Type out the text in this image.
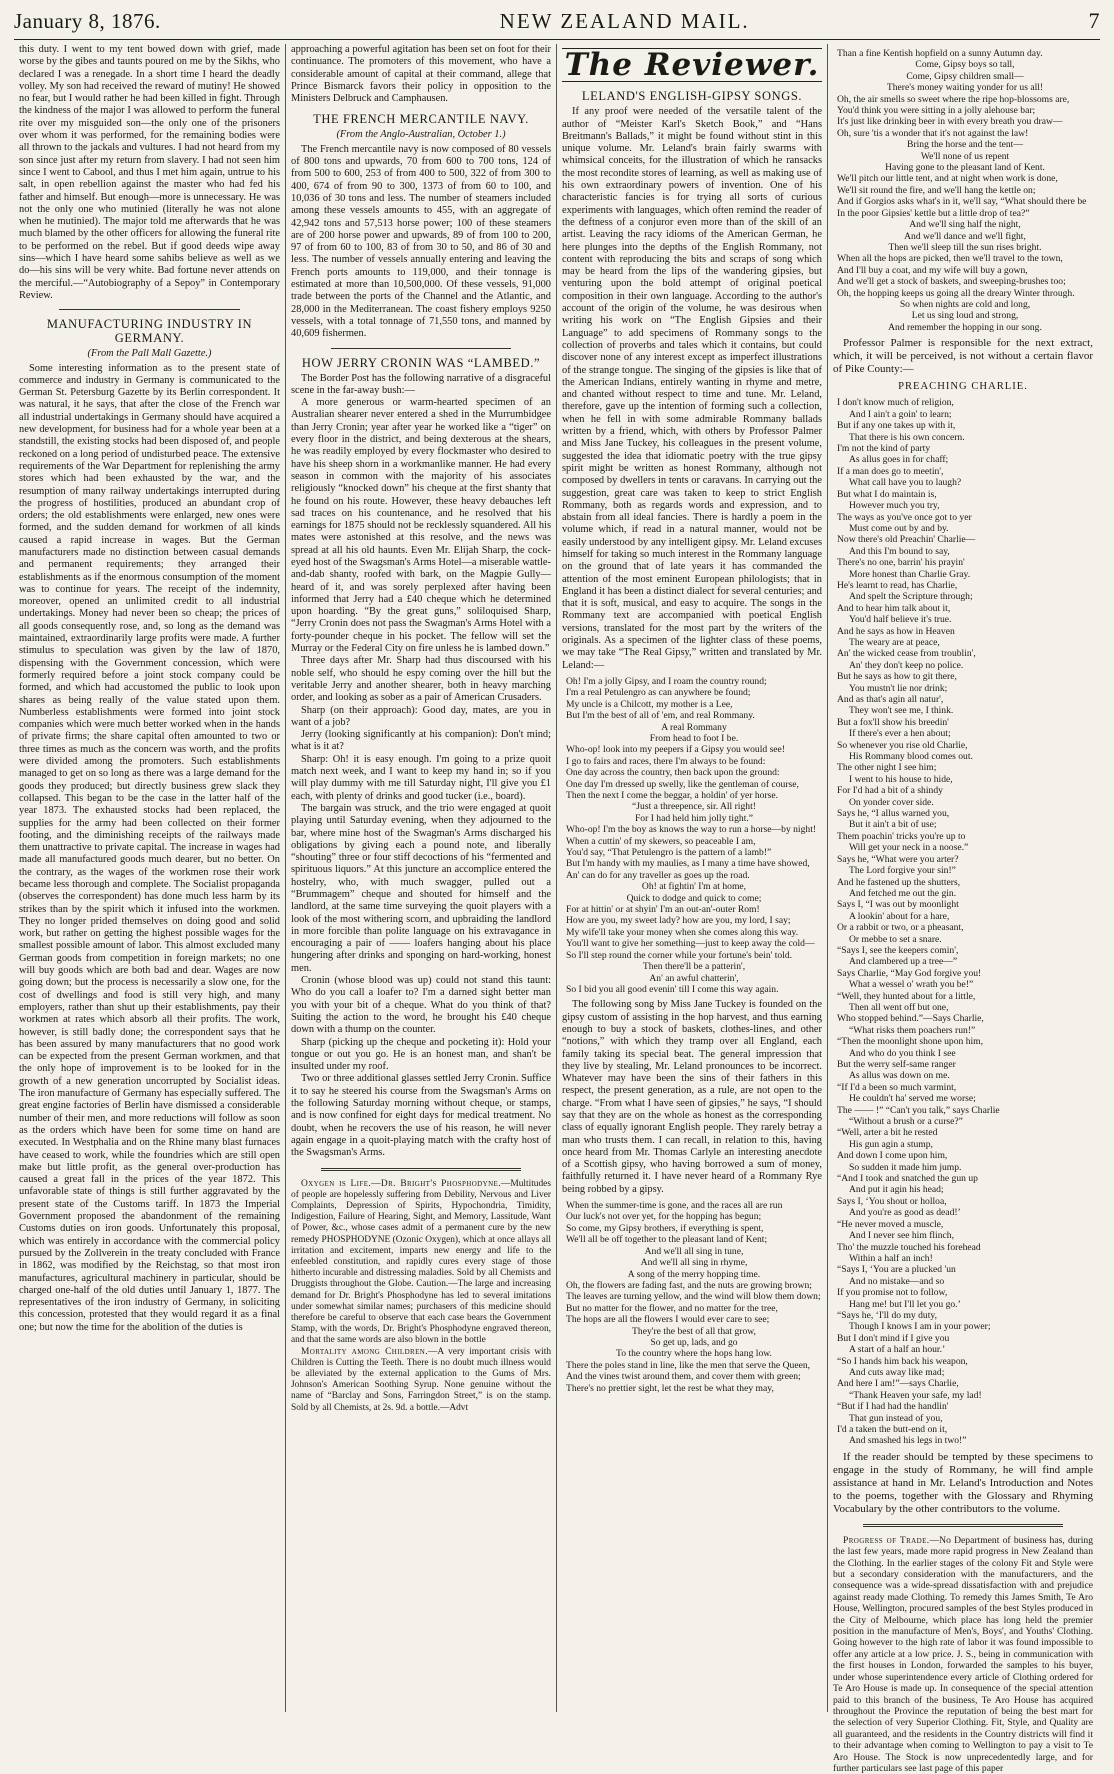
January 8, 1876.	NEW ZEALAND MAIL.	7

this duty. I went to my tent bowed down with grief, made worse by the gibes and taunts poured on me by the Sikhs, who declared I was a renegade. In a short time I heard the deadly volley. My son had received the reward of mutiny! He showed no fear, but I would rather he had been killed in fight. Through the kindness of the major I was allowed to perform the funeral rite over my misguided son—the only one of the prisoners over whom it was performed, for the remaining bodies were all thrown to the jackals and vultures. I had not heard from my son since just after my return from slavery. I had not seen him since I went to Cabool, and thus I met him again, untrue to his salt, in open rebellion against the master who had fed his father and himself. But enough—more is unnecessary. He was not the only one who mutinied (literally he was not alone when he mutinied). The major told me afterwards that he was much blamed by the other officers for allowing the funeral rite to be performed on the rebel. But if good deeds wipe away sins—which I have heard some sahibs believe as well as we do—his sins will be very white. Bad fortune never attends on the merciful.—“Autobiography of a Sepoy” in Contemporary Review.

MANUFACTURING INDUSTRY IN GERMANY.
(From the Pall Mall Gazette.)

Some interesting information as to the present state of commerce and industry in Germany is communicated to the German St. Petersburg Gazette by its Berlin correspondent. It was natural, it he says, that after the close of the French war all industrial undertakings in Germany should have acquired a new development, for business had for a whole year been at a standstill, the existing stocks had been disposed of, and people reckoned on a long period of undisturbed peace. The extensive requirements of the War Department for replenishing the army stores which had been exhausted by the war, and the resumption of many railway undertakings interrupted during the progress of hostilities, produced an abundant crop of orders; the old establishments were enlarged, new ones were formed, and the sudden demand for workmen of all kinds caused a rapid increase in wages. But the German manufacturers made no distinction between casual demands and permanent requirements; they arranged their establishments as if the enormous consumption of the moment was to continue for years. The receipt of the indemnity, moreover, opened an unlimited credit to all industrial undertakings. Money had never been so cheap; the prices of all goods consequently rose, and, so long as the demand was maintained, extraordinarily large profits were made. A further stimulus to speculation was given by the law of 1870, dispensing with the Government concession, which were formerly required before a joint stock company could be formed, and which had accustomed the public to look upon shares as being really of the value stated upon them. Numberless establishments were formed into joint stock companies which were much better worked when in the hands of private firms; the share capital often amounted to two or three times as much as the concern was worth, and the profits were divided among the promoters. Such establishments managed to get on so long as there was a large demand for the goods they produced; but directly business grew slack they collapsed. This began to be the case in the latter half of the year 1873. The exhausted stocks had been replaced, the supplies for the army had been collected on their former footing, and the diminishing receipts of the railways made them unattractive to private capital. The increase in wages had made all manufactured goods much dearer, but no better. On the contrary, as the wages of the workmen rose their work became less thorough and complete. The Socialist propaganda (observes the correspondent) has done much less harm by its strikes than by the spirit which it infused into the workmen. They no longer prided themselves on doing good and solid work, but rather on getting the highest possible wages for the smallest possible amount of labor. This almost excluded many German goods from competition in foreign markets; no one will buy goods which are both bad and dear. Wages are now going down; but the process is necessarily a slow one, for the cost of dwellings and food is still very high, and many employers, rather than shut up their establishments, pay their workmen at rates which absorb all their profits. The work, however, is still badly done; the correspondent says that he has been assured by many manufacturers that no good work can be expected from the present German workmen, and that the only hope of improvement is to be looked for in the growth of a new generation uncorrupted by Socialist ideas. The iron manufacture of Germany has especially suffered. The great engine factories of Berlin have dismissed a considerable number of their men, and more reductions will follow as soon as the orders which have been for some time on hand are executed. In Westphalia and on the Rhine many blast furnaces have ceased to work, while the foundries which are still open make but little profit, as the general over-production has caused a great fall in the prices of the year 1872. This unfavorable state of things is still further aggravated by the present state of the Customs tariff. In 1873 the Imperial Government proposed the abandonment of the remaining Customs duties on iron goods. Unfortunately this proposal, which was entirely in accordance with the commercial policy pursued by the Zollverein in the treaty concluded with France in 1862, was modified by the Reichstag, so that most iron manufactures, agricultural machinery in particular, should be charged one-half of the old duties until January 1, 1877. The representatives of the iron industry of Germany, in soliciting this concession, protested that they would regard it as a final one; but now the time for the abolition of the duties is

approaching a powerful agitation has been set on foot for their continuance. The promoters of this movement, who have a considerable amount of capital at their command, allege that Prince Bismarck favors their policy in opposition to the Ministers Delbruck and Camphausen.

THE FRENCH MERCANTILE NAVY.
(From the Anglo-Australian, October 1.)

The French mercantile navy is now composed of 80 vessels of 800 tons and upwards, 70 from 600 to 700 tons, 124 of from 500 to 600, 253 of from 400 to 500, 322 of from 300 to 400, 674 of from 90 to 300, 1373 of from 60 to 100, and 10,036 of 30 tons and less. The number of steamers included among these vessels amounts to 455, with an aggregate of 42,942 tons and 57,513 horse power; 100 of these steamers are of 200 horse power and upwards, 89 of from 100 to 200, 97 of from 60 to 100, 83 of from 30 to 50, and 86 of 30 and less. The number of vessels annually entering and leaving the French ports amounts to 119,000, and their tonnage is estimated at more than 10,500,000. Of these vessels, 91,000 trade between the ports of the Channel and the Atlantic, and 28,000 in the Mediterranean. The coast fishery employs 9250 vessels, with a total tonnage of 71,550 tons, and manned by 40,609 fishermen.

HOW JERRY CRONIN WAS “LAMBED.”

The Border Post has the following narrative of a disgraceful scene in the far-away bush:—

A more generous or warm-hearted specimen of an Australian shearer never entered a shed in the Murrumbidgee than Jerry Cronin; year after year he worked like a “tiger” on every floor in the district, and being dexterous at the shears, he was readily employed by every flockmaster who desired to have his sheep shorn in a workmanlike manner. He had every season in common with the majority of his associates religiously “knocked down” his cheque at the first shanty that he found on his route. However, these heavy debauches left sad traces on his countenance, and he resolved that his earnings for 1875 should not be recklessly squandered. All his mates were astonished at this resolve, and the news was spread at all his old haunts. Even Mr. Elijah Sharp, the cock-eyed host of the Swagsman's Arms Hotel—a miserable wattle-and-dab shanty, roofed with bark, on the Magpie Gully—heard of it, and was sorely perplexed after having been informed that Jerry had a £40 cheque which he determined upon hoarding. “By the great guns,” soliloquised Sharp, “Jerry Cronin does not pass the Swagman's Arms Hotel with a forty-pounder cheque in his pocket. The fellow will set the Murray or the Federal City on fire unless he is lambed down.”

Three days after Mr. Sharp had thus discoursed with his noble self, who should he espy coming over the hill but the veritable Jerry and another shearer, both in heavy marching order, and looking as sober as a pair of American Crusaders.

Sharp (on their approach): Good day, mates, are you in want of a job?

Jerry (looking significantly at his companion): Don't mind; what is it at?

Sharp: Oh! it is easy enough. I'm going to a prize quoit match next week, and I want to keep my hand in; so if you will play dummy with me till Saturday night, I'll give you £1 each, with plenty of drinks and good tucker (i.e., board).

The bargain was struck, and the trio were engaged at quoit playing until Saturday evening, when they adjourned to the bar, where mine host of the Swagman's Arms discharged his obligations by giving each a pound note, and liberally “shouting” three or four stiff decoctions of his “fermented and spirituous liquors.” At this juncture an accomplice entered the hostelry, who, with much swagger, pulled out a “Brummagem” cheque and shouted for himself and the landlord, at the same time surveying the quoit players with a look of the most withering scorn, and upbraiding the landlord in more forcible than polite language on his extravagance in encouraging a pair of —— loafers hanging about his place hungering after drinks and sponging on hard-working, honest men.

Cronin (whose blood was up) could not stand this taunt: Who do you call a loafer to? I'm a darned sight better man you with your bit of a cheque. What do you think of that? Suiting the action to the word, he brought his £40 cheque down with a thump on the counter.

Sharp (picking up the cheque and pocketing it): Hold your tongue or out you go. He is an honest man, and shan't be insulted under my roof.

Two or three additional glasses settled Jerry Cronin. Suffice it to say he steered his course from the Swagsman's Arms on the following Saturday morning without cheque, or stamps, and is now confined for eight days for medical treatment. No doubt, when he recovers the use of his reason, he will never again engage in a quoit-playing match with the crafty host of the Swagsman's Arms.

Oxygen is Life.—Dr. Bright's Phosphodyne.—Multitudes of people are hopelessly suffering from Debility, Nervous and Liver Complaints, Depression of Spirits, Hypochondria, Timidity, Indigestion, Failure of Hearing, Sight, and Memory, Lassitude, Want of Power, &c., whose cases admit of a permanent cure by the new remedy PHOSPHODYNE (Ozonic Oxygen), which at once allays all irritation and excitement, imparts new energy and life to the enfeebled constitution, and rapidly cures every stage of those hitherto incurable and distressing maladies. Sold by all Chemists and Druggists throughout the Globe. Caution.—The large and increasing demand for Dr. Bright's Phosphodyne has led to several imitations under somewhat similar names; purchasers of this medicine should therefore be careful to observe that each case bears the Government Stamp, with the words, Dr. Bright's Phosphodyne engraved thereon, and that the same words are also blown in the bottle

Mortality among Children.—A very important crisis with Children is Cutting the Teeth. There is no doubt much illness would be alleviated by the external application to the Gums of Mrs. Johnson's American Soothing Syrup. None genuine without the name of “Barclay and Sons, Farringdon Street,” is on the stamp. Sold by all Chemists, at 2s. 9d. a bottle.—Advt

The Reviewer.
LELAND'S ENGLISH-GIPSY SONGS.

If any proof were needed of the versatile talent of the author of “Meister Karl's Sketch Book,” and “Hans Breitmann's Ballads,” it might be found without stint in this unique volume. Mr. Leland's brain fairly swarms with whimsical conceits, for the illustration of which he ransacks the most recondite stores of learning, as well as making use of his own extraordinary powers of invention. One of his characteristic fancies is for trying all sorts of curious experiments with languages, which often remind the reader of the deftness of a conjuror even more than of the skill of an artist. Leaving the racy idioms of the American German, he here plunges into the depths of the English Rommany, not content with reproducing the bits and scraps of song which may be heard from the lips of the wandering gipsies, but venturing upon the bold attempt of original poetical composition in their own language. According to the author's account of the origin of the volume, he was desirous when writing his work on “The English Gipsies and their Language” to add specimens of Rommany songs to the collection of proverbs and tales which it contains, but could discover none of any interest except as imperfect illustrations of the strange tongue. The singing of the gipsies is like that of the American Indians, entirely wanting in rhyme and metre, and chanted without respect to time and tune. Mr. Leland, therefore, gave up the intention of forming such a collection, when he fell in with some admirable Rommany ballads written by a friend, which, with others by Professor Palmer and Miss Jane Tuckey, his colleagues in the present volume, suggested the idea that idiomatic poetry with the true gipsy spirit might be written as honest Rommany, although not composed by dwellers in tents or caravans. In carrying out the suggestion, great care was taken to keep to strict English Rommany, both as regards words and expression, and to abstain from all ideal fancies. There is hardly a poem in the volume which, if read in a natural manner, would not be easily understood by any intelligent gipsy. Mr. Leland excuses himself for taking so much interest in the Rommany language on the ground that of late years it has commanded the attention of the most eminent European philologists; that in England it has been a distinct dialect for several centuries; and that it is soft, musical, and easy to acquire. The songs in the Rommany text are accompanied with poetical English versions, translated for the most part by the writers of the originals. As a specimen of the lighter class of these poems, we may take “The Real Gipsy,” written and translated by Mr. Leland:—

Oh! I'm a jolly Gipsy, and I roam the country round;
I'm a real Petulengro as can anywhere be found;
My uncle is a Chilcott, my mother is a Lee,
But I'm the best of all of 'em, and real Rommany.
A real Rommany
From head to foot I be.
Who-op! look into my peepers if a Gipsy you would see!
I go to fairs and races, there I'm always to be found:
One day across the country, then back upon the ground:
One day I'm dressed up swelly, like the gentleman of course,
Then the next I come the beggar, a holdin' of yer horse.
“Just a threepence, sir. All right!
For I had held him jolly tight.”
Who-op! I'm the boy as knows the way to run a horse—by night!
When a cuttin' of my skewers, so peaceable I am,
You'd say, “That Petulengro is the pattern of a lamb!”
But I'm handy with my maulies, as I many a time have showed,
An' can do for any traveller as goes up the road.
Oh! at fightin' I'm at home,
Quick to dodge and quick to come;
For at hittin' or at shyin' I'm an out-an'-outer Rom!
How are you, my sweet lady? how are you, my lord, I say;
My wife'll take your money when she comes along this way.
You'll want to give her something—just to keep away the cold—
So I'll step round the corner while your fortune's bein' told.
Then there'll be a patterin',
An' an awful chatterin',
So I bid you all good evenin' till I come this way again.

The following song by Miss Jane Tuckey is founded on the gipsy custom of assisting in the hop harvest, and thus earning enough to buy a stock of baskets, clothes-lines, and other “notions,” with which they tramp over all England, each family taking its special beat. The general impression that they live by stealing, Mr. Leland pronounces to be incorrect. Whatever may have been the sins of their fathers in this respect, the present generation, as a rule, are not open to the charge. “From what I have seen of gipsies,” he says, “I should say that they are on the whole as honest as the corresponding class of equally ignorant English people. They rarely betray a man who trusts them. I can recall, in relation to this, having once heard from Mr. Thomas Carlyle an interesting anecdote of a Scottish gipsy, who having borrowed a sum of money, faithfully returned it. I have never heard of a Rommany Rye being robbed by a gipsy.

When the summer-time is gone, and the races all are run
Our luck's not over yet, for the hopping has begun;
So come, my Gipsy brothers, if everything is spent,
We'll all be off together to the pleasant land of Kent;
And we'll all sing in tune,
And we'll all sing in rhyme,
A song of the merry hopping time.
Oh, the flowers are fading fast, and the nuts are growing brown;
The leaves are turning yellow, and the wind will blow them down;
But no matter for the flower, and no matter for the tree,
The hops are all the flowers I would ever care to see;
They're the best of all that grow,
So get up, lads, and go
To the country where the hops hang low.
There the poles stand in line, like the men that serve the Queen,
And the vines twist around them, and cover them with green;
There's no prettier sight, let the rest be what they may,
Than a fine Kentish hopfield on a sunny Autumn day.
Come, Gipsy boys so tall,
Come, Gipsy children small—
There's money waiting yonder for us all!
Oh, the air smells so sweet where the ripe hop-blossoms are,
You'd think you were sitting in a jolly alehouse bar;
It's just like drinking beer in with every breath you draw—
Oh, sure 'tis a wonder that it's not against the law!
Bring the horse and the tent—
We'll none of us repent
Having gone to the pleasant land of Kent.
We'll pitch our little tent, and at night when work is done,
We'll sit round the fire, and we'll hang the kettle on;
And if Gorgios asks what's in it, we'll say, “What should there be
In the poor Gipsies' kettle but a little drop of tea?”
And we'll sing half the night,
And we'll dance and we'll fight,
Then we'll sleep till the sun rises bright.
When all the hops are picked, then we'll travel to the town,
And I'll buy a coat, and my wife will buy a gown,
And we'll get a stock of baskets, and sweeping-brushes too;
Oh, the hopping keeps us going all the dreary Winter through.
So when nights are cold and long,
Let us sing loud and strong,
And remember the hopping in our song.

Professor Palmer is responsible for the next extract, which, it will be perceived, is not without a certain flavor of Pike County:—

PREACHING CHARLIE.
I don't know much of religion,
And I ain't a goin' to learn;
But if any one takes up with it,
That there is his own concern.
I'm not the kind of party
As allus goes in for chaff;
If a man does go to meetin',
What call have you to laugh?
But what I do maintain is,
However much you try,
The ways as you've once got to yer
Must come out by and by.
Now there's old Preachin' Charlie—
And this I'm bound to say,
There's no one, barrin' his prayin'
More honest than Charlie Gray.
He's learnt to read, has Charlie,
And spelt the Scripture through;
And to hear him talk about it,
You'd half believe it's true.
And he says as how in Heaven
The weary are at peace,
An' the wicked cease from troublin',
An' they don't keep no police.
But he says as how to git there,
You mustn't lie nor drink;
And as that's agin all natur',
They won't see me, I think.
But a fox'll show his breedin'
If there's ever a hen about;
So whenever you rise old Charlie,
His Rommany blood comes out.
The other night I see him;
I went to his house to hide,
For I'd had a bit of a shindy
On yonder cover side.
Says he, “I allus warned you,
But it ain't a bit of use;
Them poachin' tricks you're up to
Will get your neck in a noose.”
Says he, “What were you arter?
The Lord forgive your sin!”
And he fastened up the shutters,
And fetched me out the gin.
Says I, “I was out by moonlight
A lookin' about for a hare,
Or a rabbit or two, or a pheasant,
Or mebbe to set a snare.
“Says I, see the keepers comin',
And clambered up a tree—”
Says Charlie, “May God forgive you!
What a wessel o' wrath you be!”
“Well, they hunted about for a little,
Then all went off but one,
Who stopped behind.”—Says Charlie,
“What risks them poachers run!”
“Then the moonlight shone upon him,
And who do you think I see
But the werry self-same ranger
As allus was down on me.
“If I'd a been so much varmint,
He couldn't ha' served me worse;
The —— !” “Can't you talk,” says Charlie
“Without a brush or a curse?”
“Well, arter a bit he rested
His gun agin a stump,
And down I come upon him,
So sudden it made him jump.
“And I took and snatched the gun up
And put it agin his head;
Says I, ‘You shout or holloa,
And you're as good as dead!’
“He never moved a muscle,
And I never see him flinch,
Tho' the muzzle touched his forehead
Within a half an inch!
“Says I, ‘You are a plucked 'un
And no mistake—and so
If you promise not to follow,
Hang me! but I'll let you go.’
“Says he, ‘I'll do my duty,
Though I knows I am in your power;
But I don't mind if I give you
A start of a half an hour.’
“So I hands him back his weapon,
And cuts away like mad;
And here I am!”—says Charlie,
“Thank Heaven your safe, my lad!
“But if I had had the handlin'
That gun instead of you,
I'd a taken the butt-end on it,
And smashed his legs in two!”

If the reader should be tempted by these specimens to engage in the study of Rommany, he will find ample assistance at hand in Mr. Leland's Introduction and Notes to the poems, together with the Glossary and Rhyming Vocabulary by the other contributors to the volume.

Progress of Trade.—No Department of business has, during the last few years, made more rapid progress in New Zealand than the Clothing. In the earlier stages of the colony Fit and Style were but a secondary consideration with the manufacturers, and the consequence was a wide-spread dissatisfaction with and prejudice against ready made Clothing. To remedy this James Smith, Te Aro House, Wellington, procured samples of the best Styles produced in the City of Melbourne, which place has long held the premier position in the manufacture of Men's, Boys', and Youths' Clothing. Going however to the high rate of labor it was found impossible to offer any article at a low price. J. S., being in communication with the first houses in London, forwarded the samples to his buyer, under whose superintendence every article of Clothing ordered for Te Aro House is made up. In consequence of the special attention paid to this branch of the business, Te Aro House has acquired throughout the Province the reputation of being the best mart for the selection of very Superior Clothing. Fit, Style, and Quality are all guaranteed, and the residents in the Country districts will find it to their advantage when coming to Wellington to pay a visit to Te Aro House. The Stock is now unprecedentedly large, and for further particulars see last page of this paper
